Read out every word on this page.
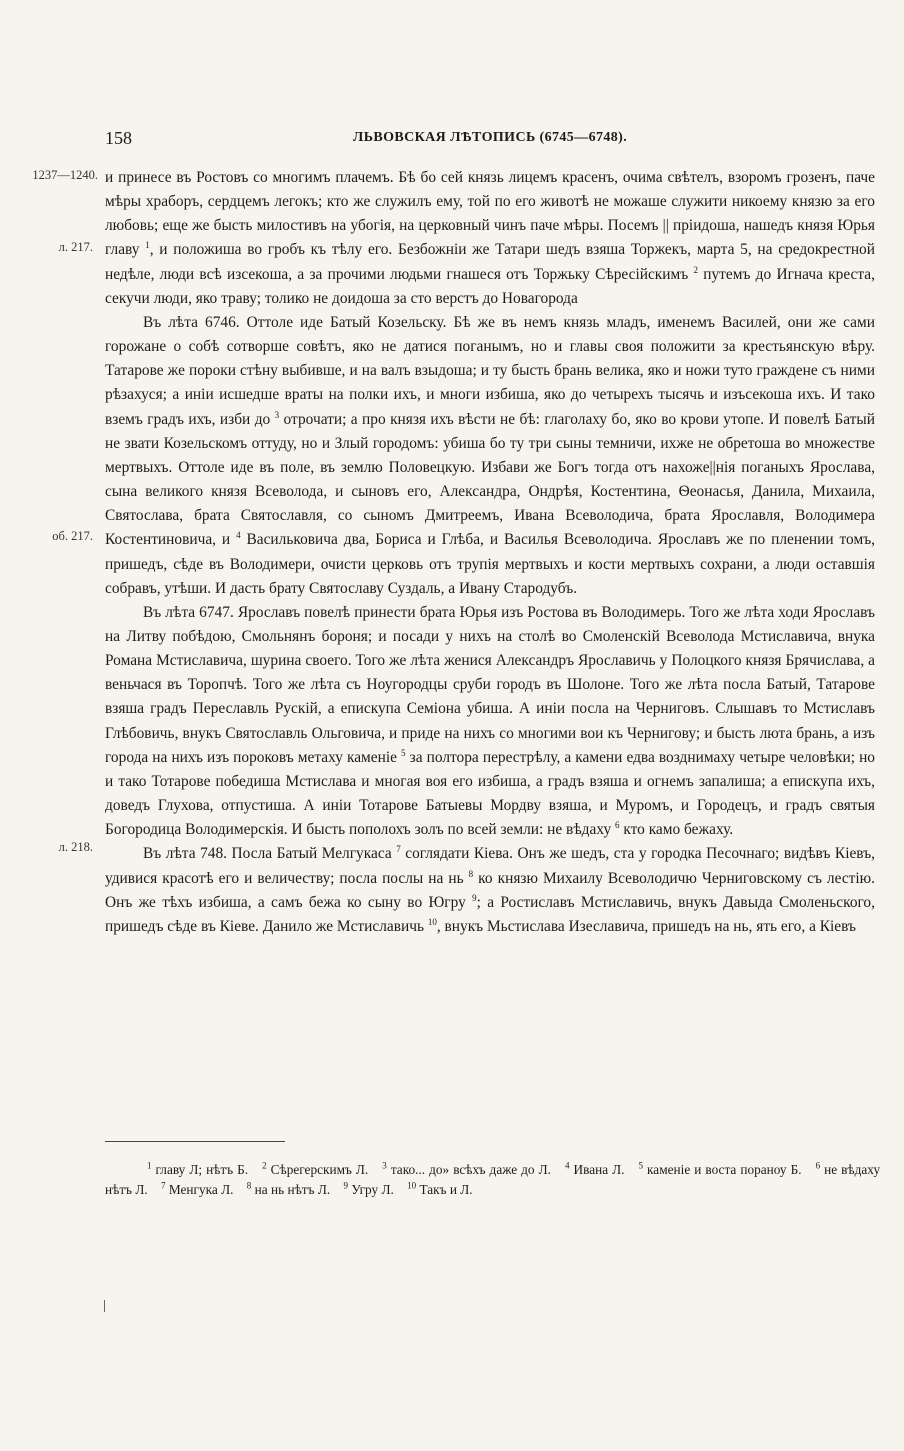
158	ЛЬВОВСКАЯ ЛѢТОПИСЬ (6745—6748).
1237—1240.
л. 217.
об. 217.
л. 218.

и принесе въ Ростовъ со многимъ плачемъ. Бѣ бо сей князь лицемъ красенъ, очима свѣтелъ, взоромъ грозенъ, паче мѣры храборъ, сердцемъ легокъ; кто же служилъ ему, той по его животѣ не можаше служити никоему князю за его любовь; еще же бысть милостивъ на убогiя, на церковный чинъ паче мѣры. Посемъ || прiидоша, нашедъ князя Юрья главу $^1$, и положиша во гробъ къ тѣлу его. Безбожнiи же Татари шедъ взяша Торжекъ, марта 5, на средокрестной недѣле, люди всѣ изсекоша, а за прочими людьми гнашеся отъ Торжьку Сѣресiйскимъ $^2$ путемъ до Игнача креста, секучи люди, яко траву; толико не доидоша за сто верстъ до Новагорода

Въ лѣта 6746. Оттоле иде Батый Козельску. Бѣ же въ немъ князь младъ, именемъ Василей, они же сами горожане о собѣ сотворше совѣтъ, яко не датися поганымъ, но и главы своя положити за крестьянскую вѣру. Татарове же пороки стѣну выбивше, и на валъ взыдоша; и ту бысть брань велика, яко и ножи туто граждене съ ними рѣзахуся; а иніи исшедше враты на полки ихъ, и многи избиша, яко до четырехъ тысячь и изъсекоша ихъ. И тако вземъ градъ ихъ, изби до $^3$ отрочати; а про князя ихъ вѣсти не бѣ: глаголаху бо, яко во крови утопе. И повелѣ Батый не звати Козельскомъ оттуду, но и Злый городомъ: убиша бо ту три сыны темничи, ихже не обретоша во множестве мертвыхъ. Оттоле иде въ поле, въ землю Половецкую. Избави же Богъ тогда отъ нахоже||нія поганыхъ Ярослава, сына великого князя Всеволода, и сыновъ его, Александра, Ондрѣя, Костентина, Ѳеонасья, Данила, Михаила, Святослава, брата Святославля, со сыномъ Дмитреемъ, Ивана Всеволодича, брата Ярославля, Володимера Костентиновича, и $^4$ Васильковича два, Бориса и Глѣба, и Василья Всеволодича. Ярославъ же по пленении томъ, пришедъ, сѣде въ Володимери, очисти церковь отъ трупія мертвыхъ и кости мертвыхъ сохрани, а люди оставшія собравъ, утѣши. И дасть брату Святославу Суздаль, а Ивану Стародубъ.

Въ лѣта 6747. Ярославъ повелѣ принести брата Юрья изъ Ростова въ Володимерь. Того же лѣта ходи Ярославъ на Литву побѣдою, Смольнянъ бороня; и посади у нихъ на столѣ во Смоленскій Всеволода Мстиславича, внука Романа Мстиславича, шурина своего. Того же лѣта женися Александръ Ярославичь у Полоцкого князя Брячислава, а веньчася въ Торопчѣ. Того же лѣта съ Ноугородцы сруби городъ въ Шолоне. Того же лѣта посла Батый, Татарове взяша градъ Переславль Рускій, а епискупа Семіона убиша. А иніи посла на Черниговъ. Слышавъ то Мстиславъ Глѣбовичь, внукъ Святославль Ольговича, и приде на нихъ со многими вои къ Чернигову; и бысть люта брань, а изъ города на нихъ изъ пороковъ метаху каменіе $^5$ за полтора перестрѣлу, а камени едва возднимаху четыре человѣки; но и тако Тотарове победиша Мстислава и многая воя его избиша, а градъ взяша и огнемъ запалиша; а епискупа ихъ, доведъ Глухова, отпустиша. А иніи Тотарове Батыевы Мордву взяша, и Муромъ, и Городецъ, и градъ святыя Богородица Володимерскія. И бысть пополохъ золъ по всей земли: не вѣдаху $^6$ кто камо бежаху.

Въ лѣта 748. Посла Батый Мелгукаса $^7$ соглядати Кіева. Онъ же шедъ, ста у городка Песочнаго; видѣвъ Кіевъ, удивися красотѣ его и величеству; посла послы на нь $^8$ ко князю Михаилу Всеволодичю Черниговскому съ лестію. Онъ же тѣхъ избиша, а самъ бежа ко сыну во Югру $^9$; а Ростиславъ Мстиславичь, внукъ Давыда Смоленьского, пришедъ сѣде въ Кіеве. Данило же Мстиславичь $^{10}$, внукъ Мьстислава Изеславича, пришедъ на нь, ять его, а Кіевъ

$^1$ главу Л; нѣтъ Б. $^2$ Сѣрегерскимъ Л. $^3$ тако... до» всѣхъ даже до Л. $^4$ Ивана Л. $^5$ каменіе и воста пораноу Б. $^6$ не вѣдаху нѣтъ Л. $^7$ Менгука Л. $^8$ на нь нѣтъ Л. $^9$ Угру Л. $^{10}$ Такъ и Л.
